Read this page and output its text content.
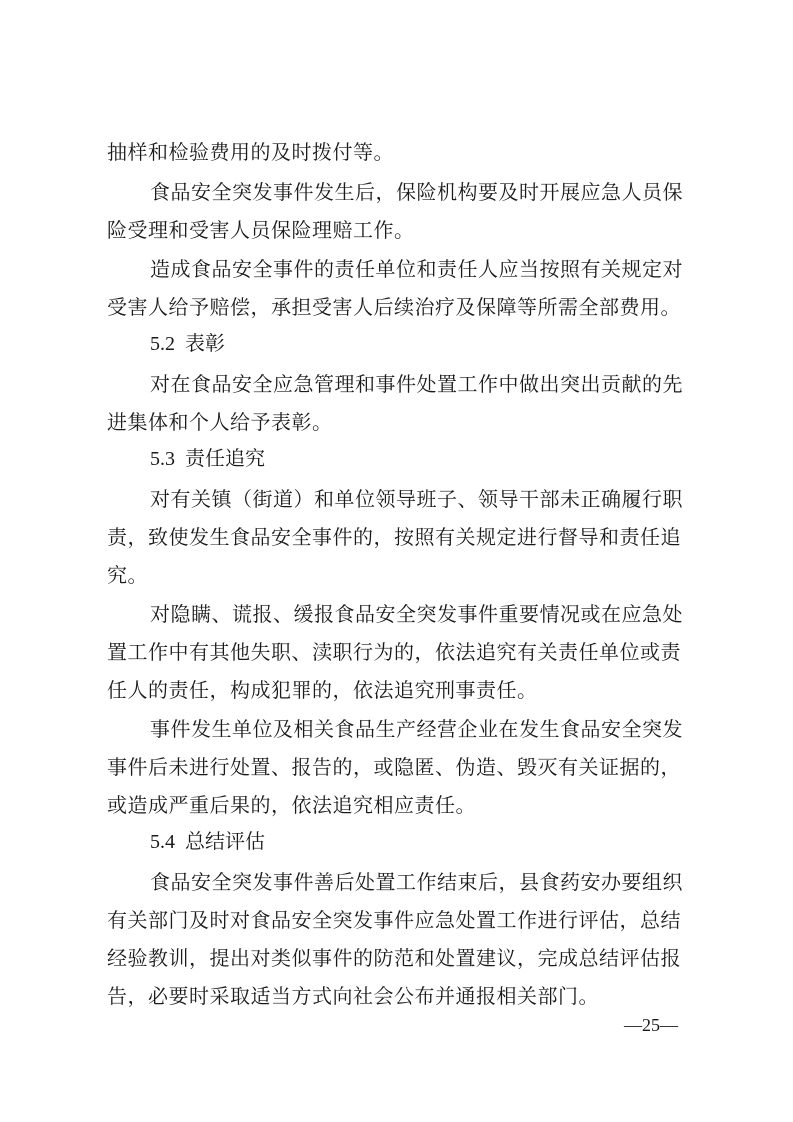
抽样和检验费用的及时拨付等。
食品安全突发事件发生后，保险机构要及时开展应急人员保
险受理和受害人员保险理赔工作。
造成食品安全事件的责任单位和责任人应当按照有关规定对
受害人给予赔偿，承担受害人后续治疗及保障等所需全部费用。
5.2 表彰
对在食品安全应急管理和事件处置工作中做出突出贡献的先
进集体和个人给予表彰。
5.3 责任追究
对有关镇（街道）和单位领导班子、领导干部未正确履行职
责，致使发生食品安全事件的，按照有关规定进行督导和责任追
究。
对隐瞒、谎报、缓报食品安全突发事件重要情况或在应急处
置工作中有其他失职、渎职行为的，依法追究有关责任单位或责
任人的责任，构成犯罪的，依法追究刑事责任。
事件发生单位及相关食品生产经营企业在发生食品安全突发
事件后未进行处置、报告的，或隐匿、伪造、毁灭有关证据的，
或造成严重后果的，依法追究相应责任。
5.4 总结评估
食品安全突发事件善后处置工作结束后，县食药安办要组织
有关部门及时对食品安全突发事件应急处置工作进行评估，总结
经验教训，提出对类似事件的防范和处置建议，完成总结评估报
告，必要时采取适当方式向社会公布并通报相关部门。
—25—
